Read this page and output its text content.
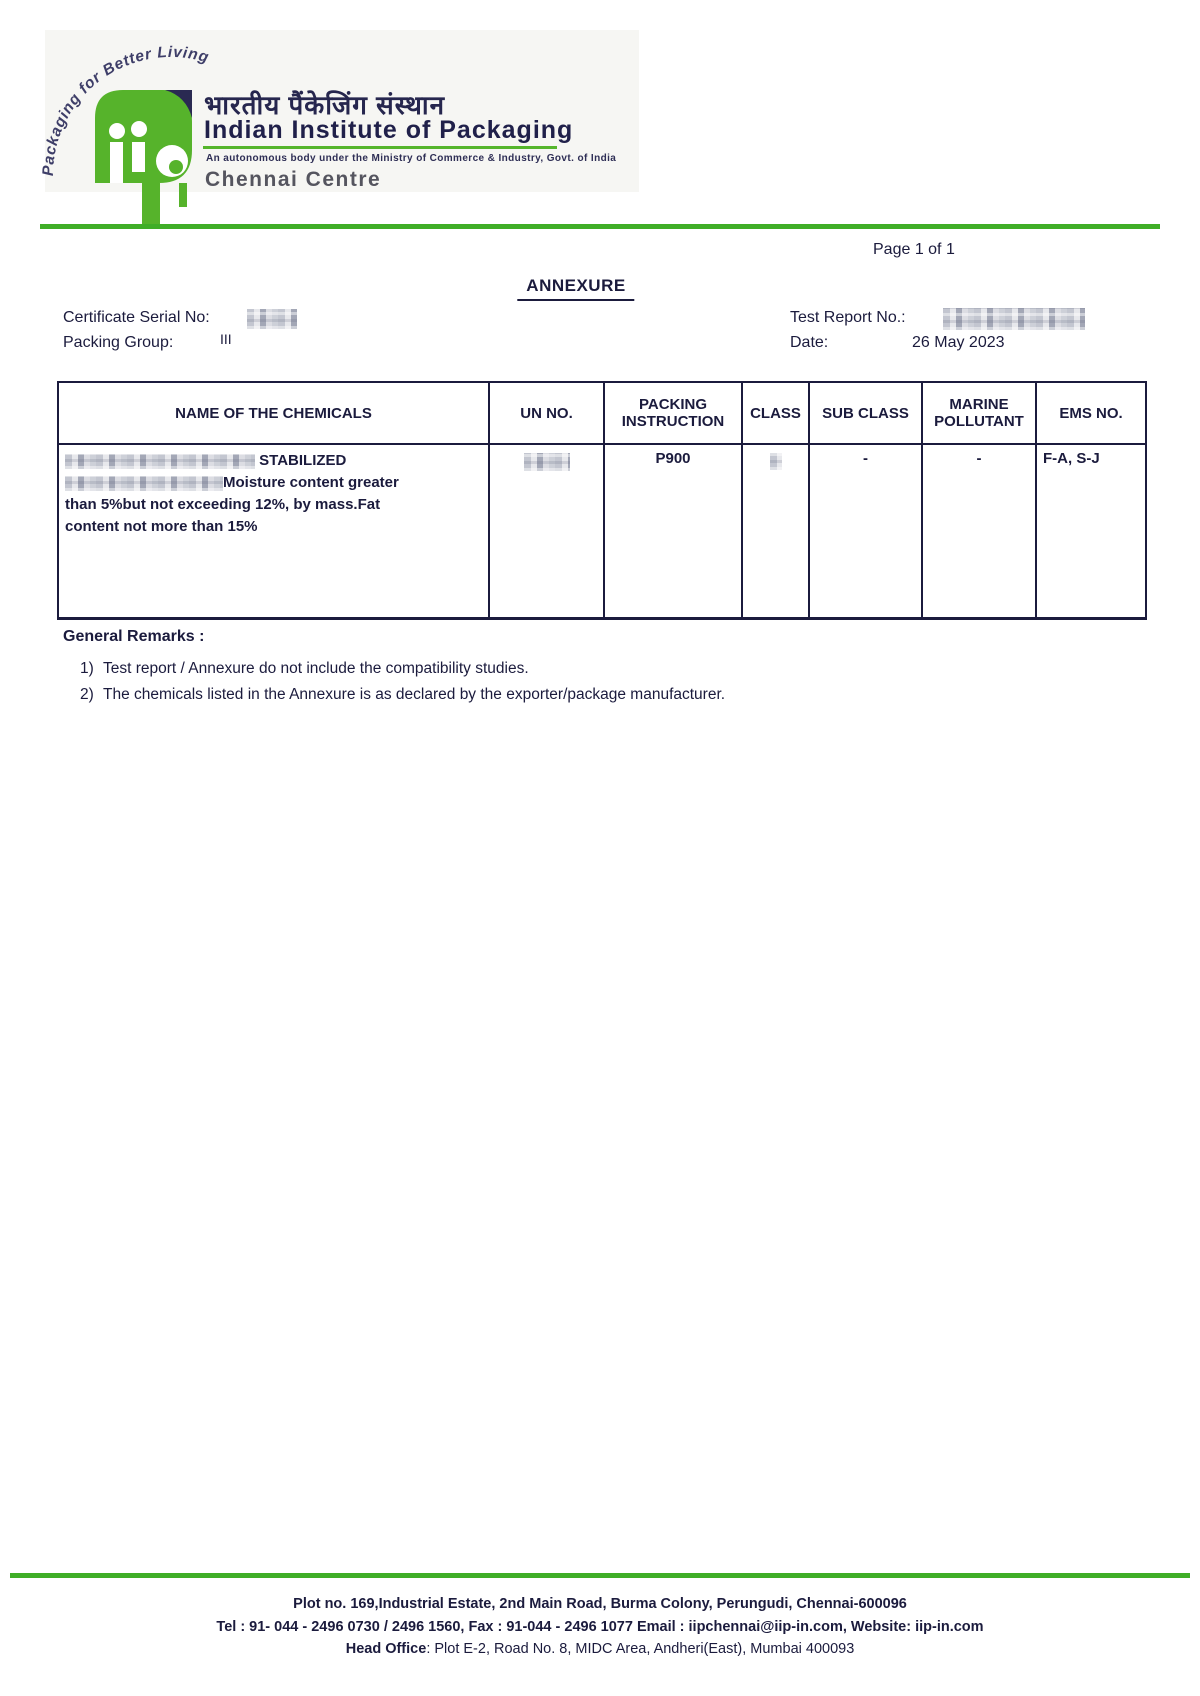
Packaging for Better Living
भारतीय पैंकेजिंग संस्थान
Indian Institute of Packaging
An autonomous body under the Ministry of Commerce & Industry, Govt. of India
Chennai Centre
Page 1 of 1
ANNEXURE
Certificate Serial No:
Packing Group:	III
Test Report No.:
Date:	26 May 2023
NAME OF THE CHEMICALS	UN NO.	PACKING INSTRUCTION	CLASS	SUB CLASS	MARINE POLLUTANT	EMS NO.

STABILIZED
Moisture content greater
than 5%but not exceeding 12%, by mass.Fat
content not more than 15%		P900		-	-	F-A, S-J
General Remarks :
1) Test report / Annexure do not include the compatibility studies.
2) The chemicals listed in the Annexure is as declared by the exporter/package manufacturer.
Plot no. 169,Industrial Estate, 2nd Main Road, Burma Colony, Perungudi, Chennai-600096
Tel : 91- 044 - 2496 0730 / 2496 1560, Fax : 91-044 - 2496 1077 Email : iipchennai@iip-in.com, Website: iip-in.com
Head Office: Plot E-2, Road No. 8, MIDC Area, Andheri(East), Mumbai 400093
